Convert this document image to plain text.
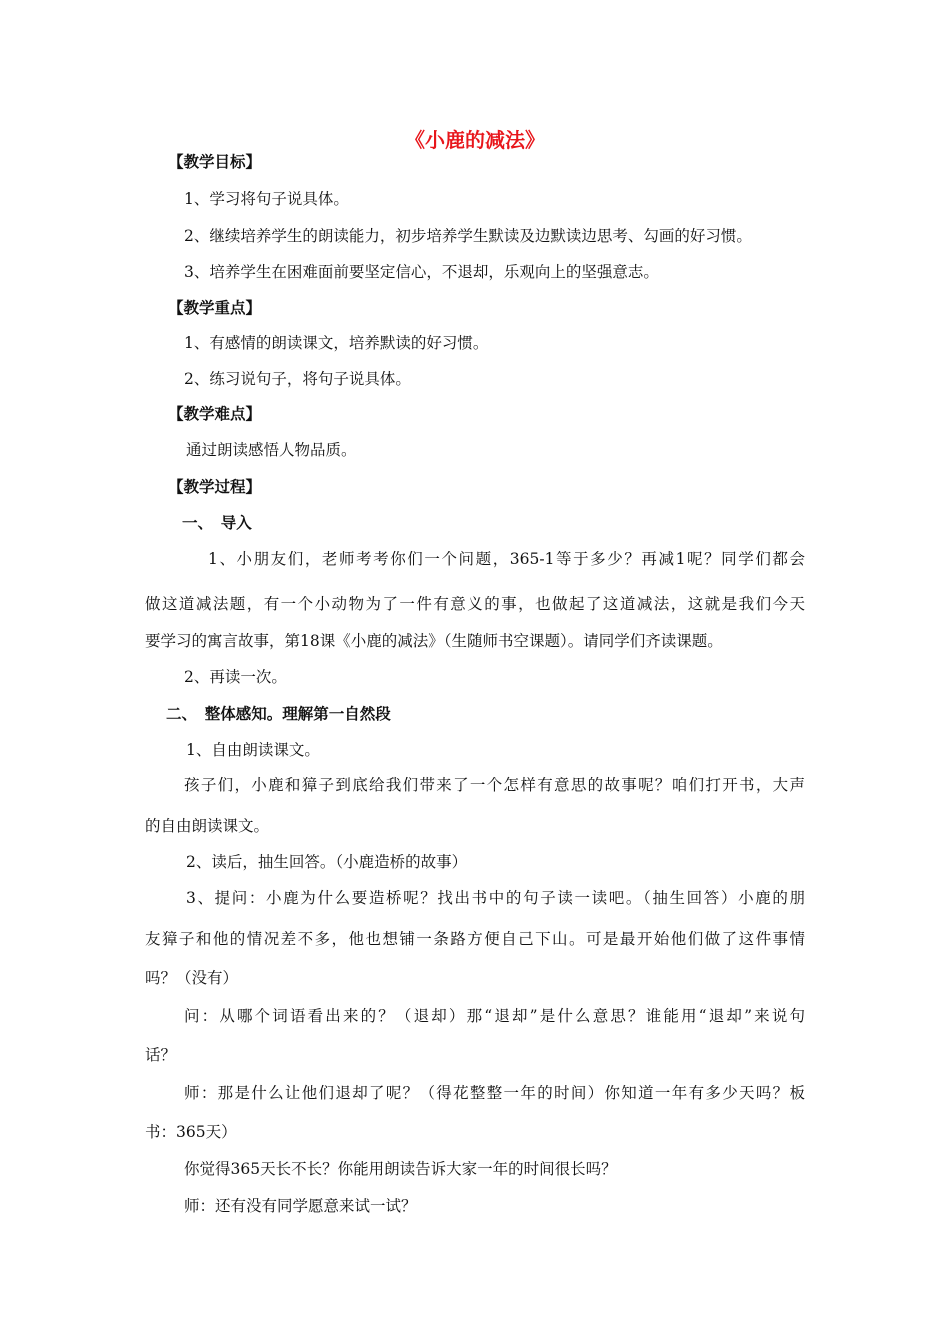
《小鹿的减法》
【教学目标】
1、学习将句子说具体。
2、继续培养学生的朗读能力，初步培养学生默读及边默读边思考、勾画的好习惯。
3、培养学生在困难面前要坚定信心，不退却，乐观向上的坚强意志。
【教学重点】
1、有感情的朗读课文，培养默读的好习惯。
2、练习说句子，将句子说具体。
【教学难点】
通过朗读感悟人物品质。
【教学过程】
一、　导入
1、小朋友们，老师考考你们一个问题，365-1等于多少？再减1呢？同学们都会
做这道减法题，有一个小动物为了一件有意义的事，也做起了这道减法，这就是我们今天
要学习的寓言故事，第18课《小鹿的减法》（生随师书空课题）。请同学们齐读课题。
2、再读一次。
二、　整体感知。理解第一自然段
1、自由朗读课文。
孩子们，小鹿和獐子到底给我们带来了一个怎样有意思的故事呢？咱们打开书，大声
的自由朗读课文。
2、读后，抽生回答。（小鹿造桥的故事）
3、提问：小鹿为什么要造桥呢？找出书中的句子读一读吧。（抽生回答）小鹿的朋
友獐子和他的情况差不多，他也想铺一条路方便自己下山。可是最开始他们做了这件事情
吗？（没有）
问：从哪个词语看出来的？（退却）那“退却”是什么意思？谁能用“退却”来说句
话？
师：那是什么让他们退却了呢？（得花整整一年的时间）你知道一年有多少天吗？板
书：365天）
你觉得365天长不长？你能用朗读告诉大家一年的时间很长吗？
师：还有没有同学愿意来试一试？
